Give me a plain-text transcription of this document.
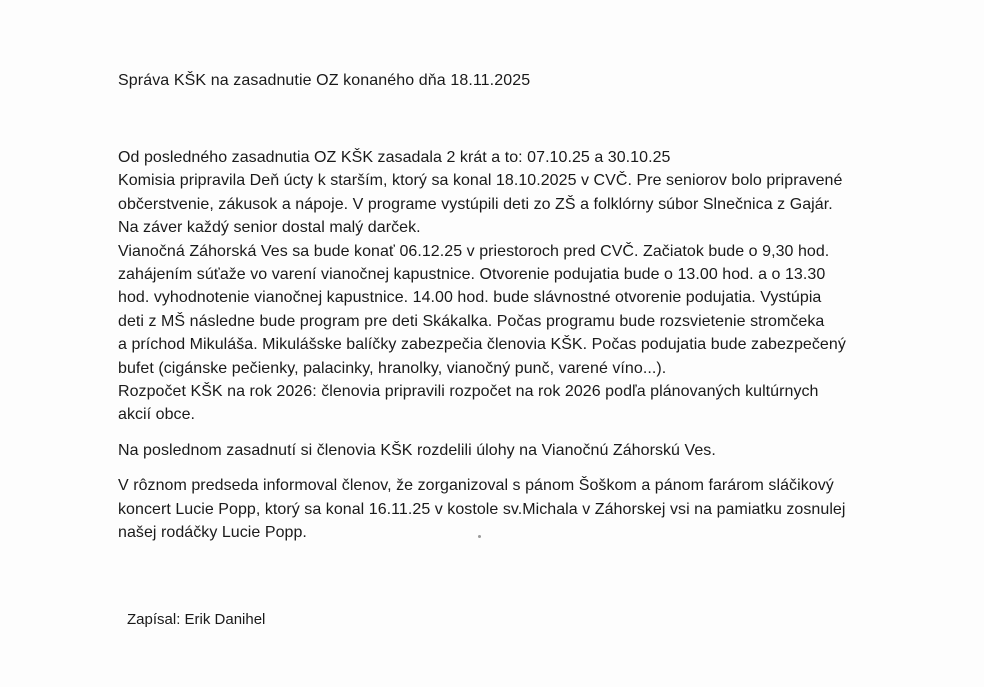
Správa KŠK na zasadnutie OZ konaného dňa 18.11.2025
Od posledného zasadnutia OZ KŠK zasadala 2 krát a to: 07.10.25 a 30.10.25
Komisia pripravila Deň úcty k starším, ktorý sa konal 18.10.2025 v CVČ. Pre seniorov bolo pripravené
občerstvenie, zákusok a nápoje. V programe vystúpili deti zo ZŠ a folklórny súbor Slnečnica z Gajár.
Na záver každý senior dostal malý darček.
Vianočná Záhorská Ves sa bude konať 06.12.25 v priestoroch pred CVČ. Začiatok bude o 9,30 hod.
zahájením súťaže vo varení vianočnej kapustnice. Otvorenie podujatia bude o 13.00 hod. a o 13.30
hod. vyhodnotenie vianočnej kapustnice. 14.00 hod. bude slávnostné otvorenie podujatia. Vystúpia
deti z MŠ následne bude program pre deti Skákalka. Počas programu bude rozsvietenie stromčeka
a príchod Mikuláša. Mikulášske balíčky zabezpečia členovia KŠK. Počas podujatia bude zabezpečený
bufet (cigánske pečienky, palacinky, hranolky, vianočný punč, varené víno...).
Rozpočet KŠK na rok 2026: členovia pripravili rozpočet na rok 2026 podľa plánovaných kultúrnych
akcií obce.
Na poslednom zasadnutí si členovia KŠK rozdelili úlohy na Vianočnú Záhorskú Ves.
V rôznom predseda informoval členov, že zorganizoval s pánom Šoškom a pánom farárom sláčikový
koncert Lucie Popp, ktorý sa konal 16.11.25 v kostole sv.Michala v Záhorskej vsi na pamiatku zosnulej
našej rodáčky Lucie Popp.
Zapísal: Erik Danihel
